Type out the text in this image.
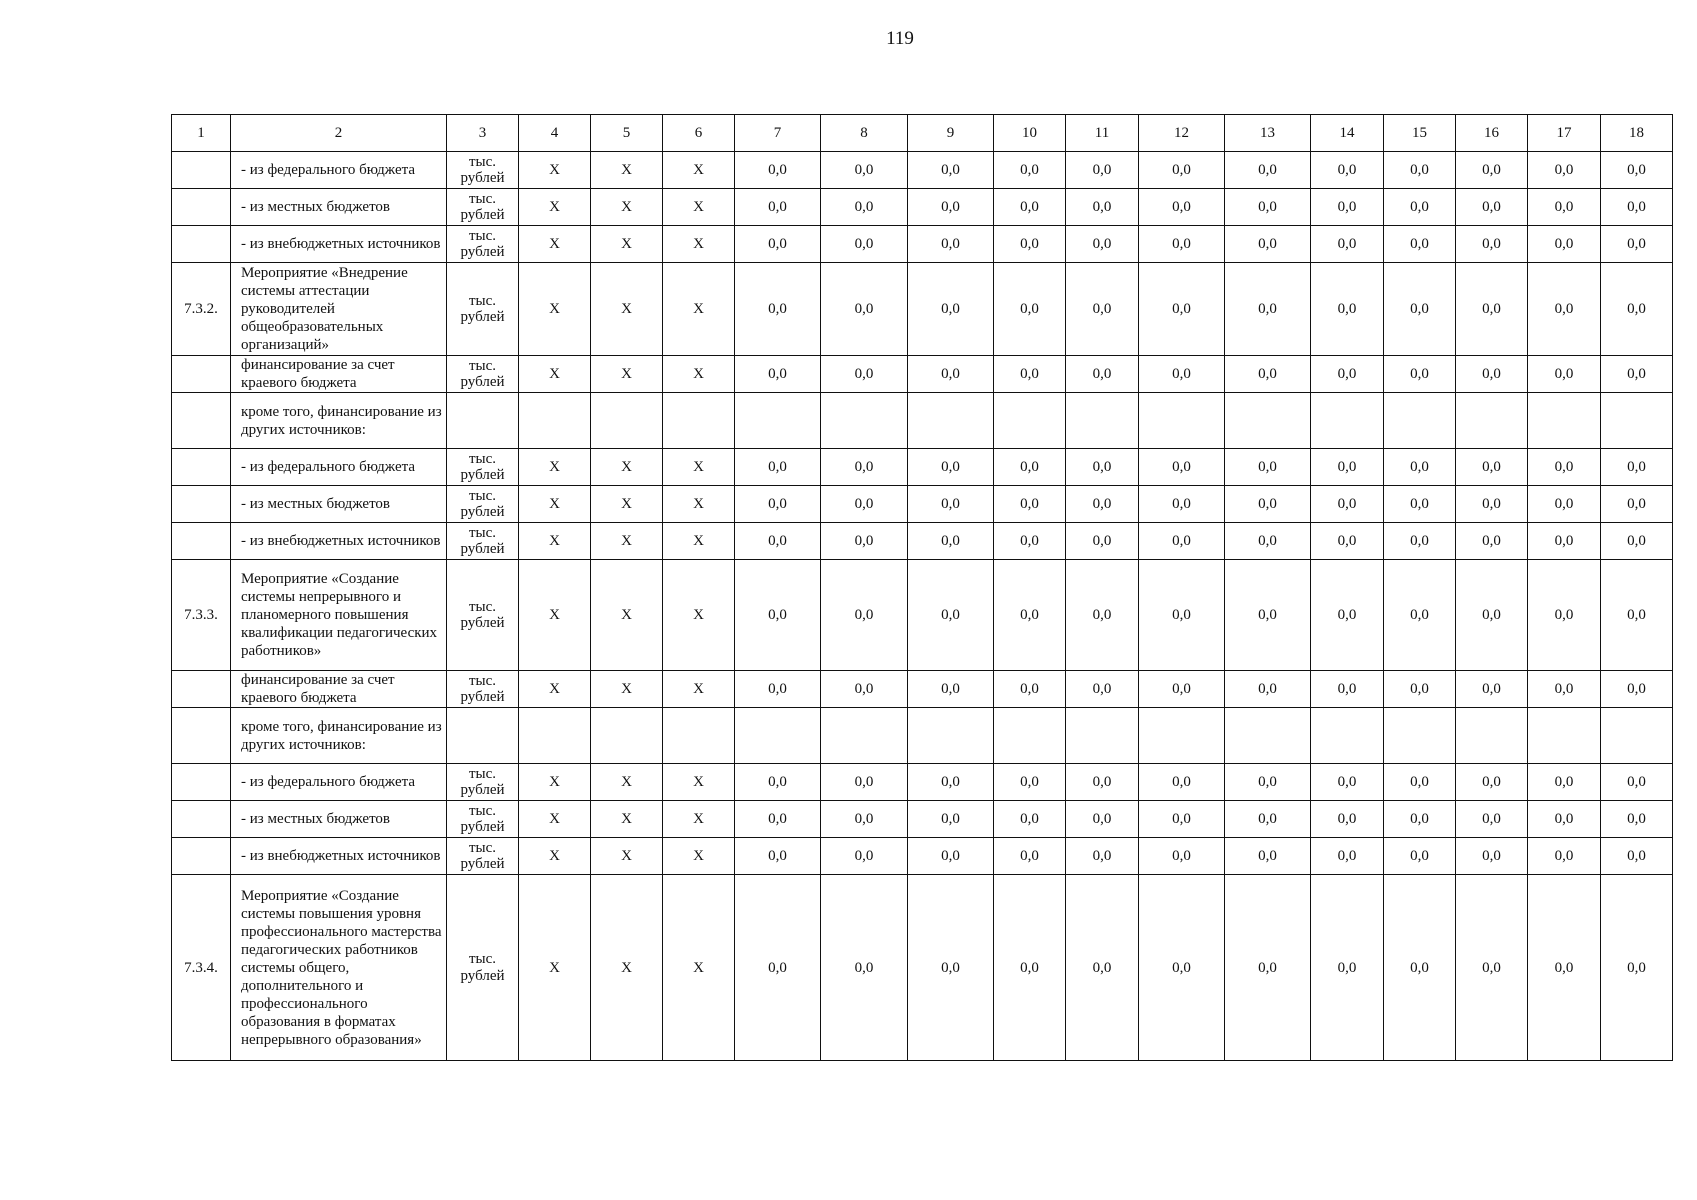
119
1	2	3	4	5	6	7	8	9	10	11	12	13	14	15	16	17	18
	- из федерального бюджета	тыс. рублей	X	X	X	0,0	0,0	0,0	0,0	0,0	0,0	0,0	0,0	0,0	0,0	0,0	0,0
	- из местных бюджетов	тыс. рублей	X	X	X	0,0	0,0	0,0	0,0	0,0	0,0	0,0	0,0	0,0	0,0	0,0	0,0
	- из внебюджетных источников	тыс. рублей	X	X	X	0,0	0,0	0,0	0,0	0,0	0,0	0,0	0,0	0,0	0,0	0,0	0,0
7.3.2.	Мероприятие «Внедрение системы аттестации руководителей общеобразовательных организаций»	тыс. рублей	X	X	X	0,0	0,0	0,0	0,0	0,0	0,0	0,0	0,0	0,0	0,0	0,0	0,0
	финансирование за счет краевого бюджета	тыс. рублей	X	X	X	0,0	0,0	0,0	0,0	0,0	0,0	0,0	0,0	0,0	0,0	0,0	0,0
	кроме того, финансирование из других источников:																
	- из федерального бюджета	тыс. рублей	X	X	X	0,0	0,0	0,0	0,0	0,0	0,0	0,0	0,0	0,0	0,0	0,0	0,0
	- из местных бюджетов	тыс. рублей	X	X	X	0,0	0,0	0,0	0,0	0,0	0,0	0,0	0,0	0,0	0,0	0,0	0,0
	- из внебюджетных источников	тыс. рублей	X	X	X	0,0	0,0	0,0	0,0	0,0	0,0	0,0	0,0	0,0	0,0	0,0	0,0
7.3.3.	Мероприятие «Создание системы непрерывного и планомерного повышения квалификации педагогических работников»	тыс. рублей	X	X	X	0,0	0,0	0,0	0,0	0,0	0,0	0,0	0,0	0,0	0,0	0,0	0,0
	финансирование за счет краевого бюджета	тыс. рублей	X	X	X	0,0	0,0	0,0	0,0	0,0	0,0	0,0	0,0	0,0	0,0	0,0	0,0
	кроме того, финансирование из других источников:																
	- из федерального бюджета	тыс. рублей	X	X	X	0,0	0,0	0,0	0,0	0,0	0,0	0,0	0,0	0,0	0,0	0,0	0,0
	- из местных бюджетов	тыс. рублей	X	X	X	0,0	0,0	0,0	0,0	0,0	0,0	0,0	0,0	0,0	0,0	0,0	0,0
	- из внебюджетных источников	тыс. рублей	X	X	X	0,0	0,0	0,0	0,0	0,0	0,0	0,0	0,0	0,0	0,0	0,0	0,0
7.3.4.	Мероприятие «Создание системы повышения уровня профессионального мастерства педагогических работников системы общего, дополнительного и профессионального образования в форматах непрерывного образования»	тыс. рублей	X	X	X	0,0	0,0	0,0	0,0	0,0	0,0	0,0	0,0	0,0	0,0	0,0	0,0
